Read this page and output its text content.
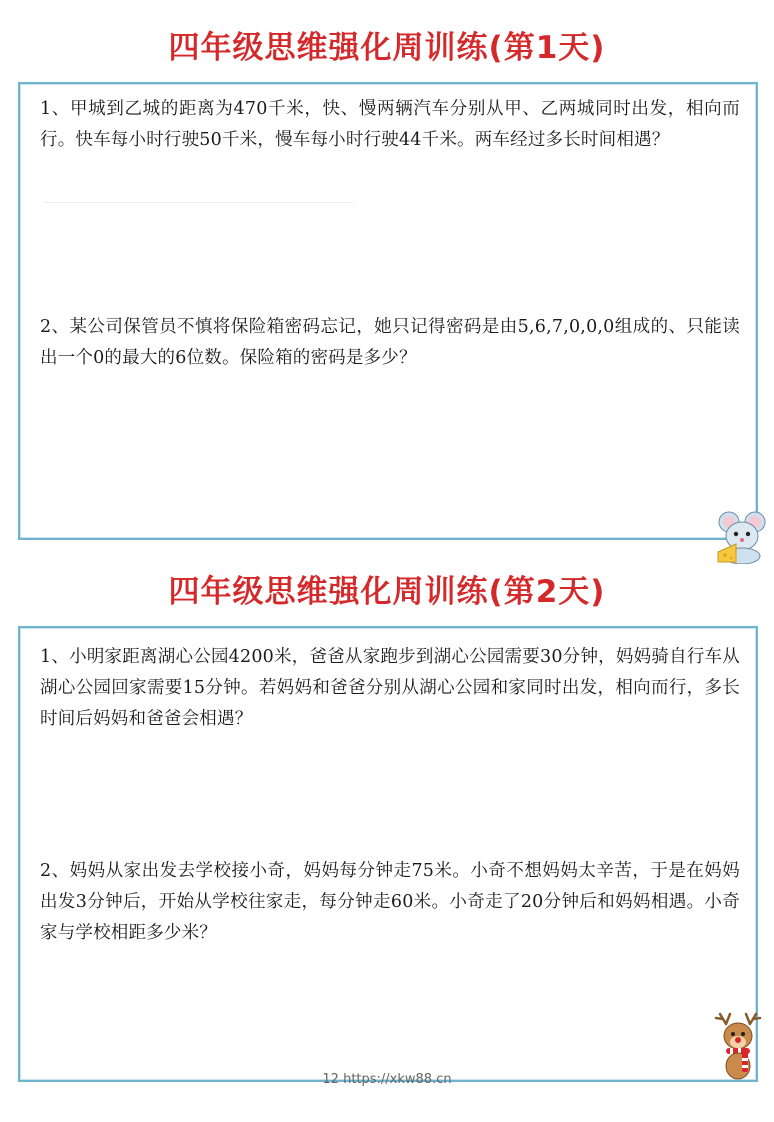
四年级思维强化周训练(第1天)

1、甲城到乙城的距离为470千米，快、慢两辆汽车分别从甲、乙两城同时出发，相向而行。快车每小时行驶50千米，慢车每小时行驶44千米。两车经过多长时间相遇？

2、某公司保管员不慎将保险箱密码忘记，她只记得密码是由5,6,7,0,0,0组成的、只能读出一个0的最大的6位数。保险箱的密码是多少？

四年级思维强化周训练(第2天)

1、小明家距离湖心公园4200米，爸爸从家跑步到湖心公园需要30分钟，妈妈骑自行车从湖心公园回家需要15分钟。若妈妈和爸爸分别从湖心公园和家同时出发，相向而行，多长时间后妈妈和爸爸会相遇？

2、妈妈从家出发去学校接小奇，妈妈每分钟走75米。小奇不想妈妈太辛苦，于是在妈妈出发3分钟后，开始从学校往家走，每分钟走60米。小奇走了20分钟后和妈妈相遇。小奇家与学校相距多少米？

12 https://xkw88.cn
